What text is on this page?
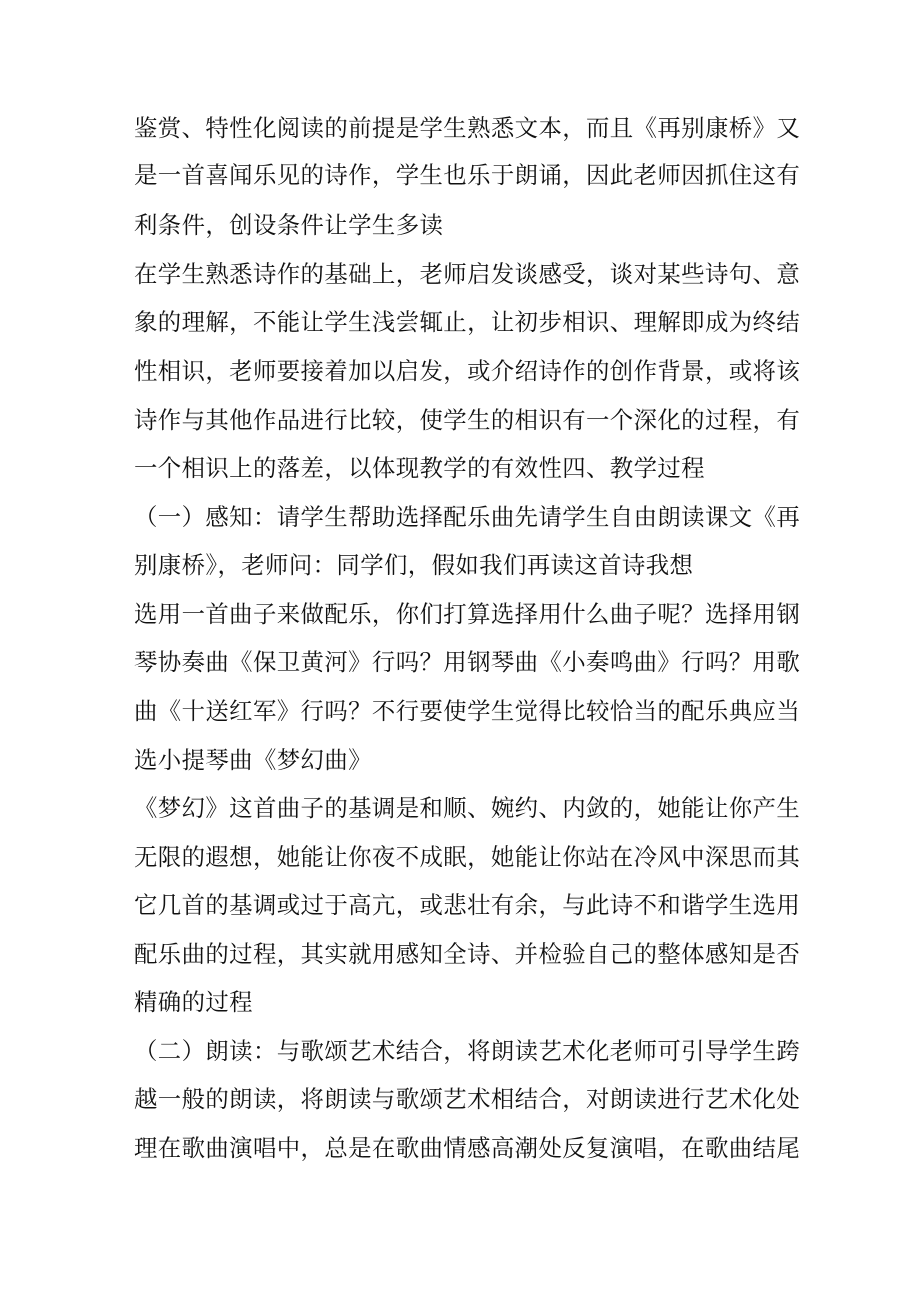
鉴赏、特性化阅读的前提是学生熟悉文本，而且《再别康桥》又
是一首喜闻乐见的诗作，学生也乐于朗诵，因此老师因抓住这有
利条件，创设条件让学生多读
在学生熟悉诗作的基础上，老师启发谈感受，谈对某些诗句、意
象的理解，不能让学生浅尝辄止，让初步相识、理解即成为终结
性相识，老师要接着加以启发，或介绍诗作的创作背景，或将该
诗作与其他作品进行比较，使学生的相识有一个深化的过程，有
一个相识上的落差，以体现教学的有效性四、教学过程
（一）感知：请学生帮助选择配乐曲先请学生自由朗读课文《再
别康桥》，老师问：同学们，假如我们再读这首诗我想
选用一首曲子来做配乐，你们打算选择用什么曲子呢？选择用钢
琴协奏曲《保卫黄河》行吗？用钢琴曲《小奏鸣曲》行吗？用歌
曲《十送红军》行吗？不行要使学生觉得比较恰当的配乐典应当
选小提琴曲《梦幻曲》
《梦幻》这首曲子的基调是和顺、婉约、内敛的，她能让你产生
无限的遐想，她能让你夜不成眠，她能让你站在冷风中深思而其
它几首的基调或过于高亢，或悲壮有余，与此诗不和谐学生选用
配乐曲的过程，其实就用感知全诗、并检验自己的整体感知是否
精确的过程
（二）朗读：与歌颂艺术结合，将朗读艺术化老师可引导学生跨
越一般的朗读，将朗读与歌颂艺术相结合，对朗读进行艺术化处
理在歌曲演唱中，总是在歌曲情感高潮处反复演唱，在歌曲结尾
